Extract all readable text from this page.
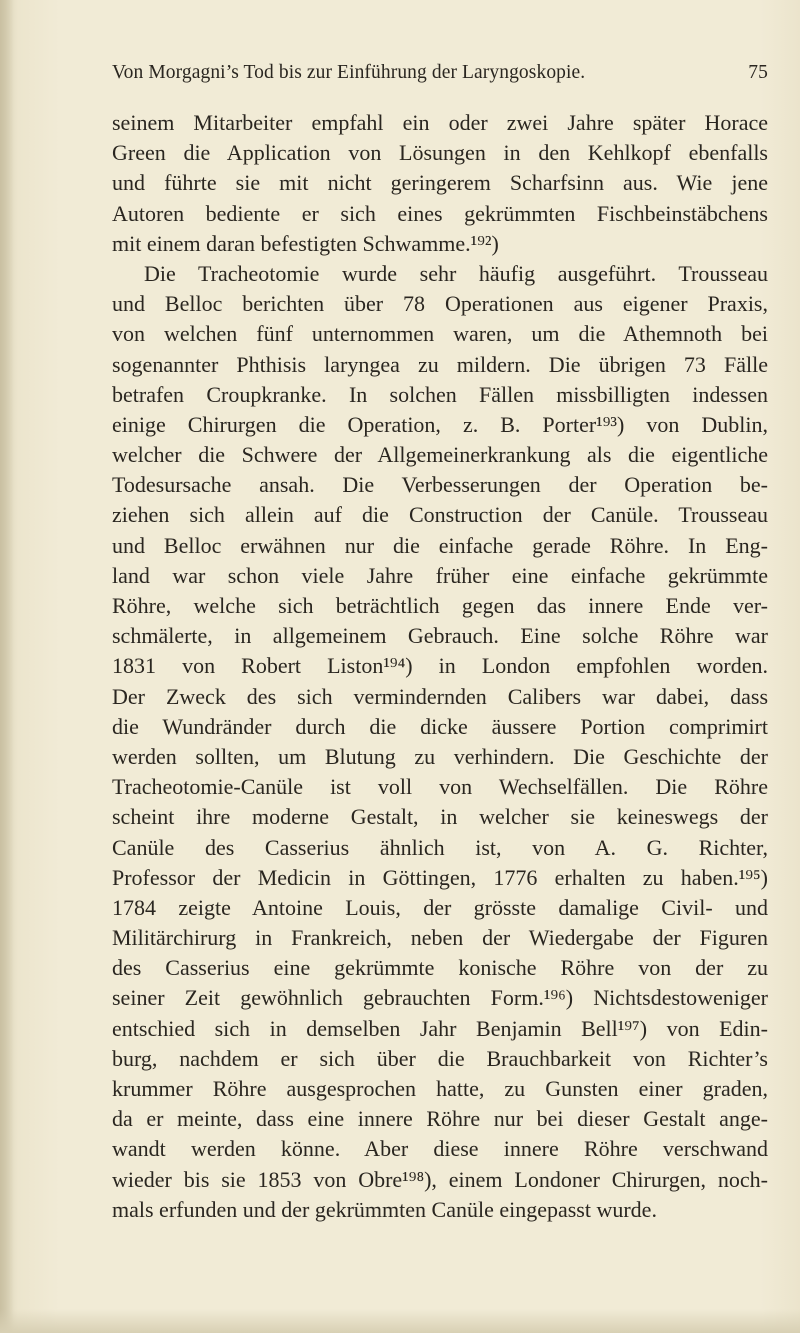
Von Morgagni’s Tod bis zur Einführung der Laryngoskopie.	75
seinem Mitarbeiter empfahl ein oder zwei Jahre später Horace
Green die Application von Lösungen in den Kehlkopf ebenfalls
und führte sie mit nicht geringerem Scharfsinn aus. Wie jene
Autoren bediente er sich eines gekrümmten Fischbeinstäbchens
mit einem daran befestigten Schwamme.¹⁹²)
Die Tracheotomie wurde sehr häufig ausgeführt. Trousseau
und Belloc berichten über 78 Operationen aus eigener Praxis,
von welchen fünf unternommen waren, um die Athemnoth bei
sogenannter Phthisis laryngea zu mildern. Die übrigen 73 Fälle
betrafen Croupkranke. In solchen Fällen missbilligten indessen
einige Chirurgen die Operation, z. B. Porter¹⁹³) von Dublin,
welcher die Schwere der Allgemeinerkrankung als die eigentliche
Todesursache ansah. Die Verbesserungen der Operation be-
ziehen sich allein auf die Construction der Canüle. Trousseau
und Belloc erwähnen nur die einfache gerade Röhre. In Eng-
land war schon viele Jahre früher eine einfache gekrümmte
Röhre, welche sich beträchtlich gegen das innere Ende ver-
schmälerte, in allgemeinem Gebrauch. Eine solche Röhre war
1831 von Robert Liston¹⁹⁴) in London empfohlen worden.
Der Zweck des sich vermindernden Calibers war dabei, dass
die Wundränder durch die dicke äussere Portion comprimirt
werden sollten, um Blutung zu verhindern. Die Geschichte der
Tracheotomie-Canüle ist voll von Wechselfällen. Die Röhre
scheint ihre moderne Gestalt, in welcher sie keineswegs der
Canüle des Casserius ähnlich ist, von A. G. Richter,
Professor der Medicin in Göttingen, 1776 erhalten zu haben.¹⁹⁵)
1784 zeigte Antoine Louis, der grösste damalige Civil- und
Militärchirurg in Frankreich, neben der Wiedergabe der Figuren
des Casserius eine gekrümmte konische Röhre von der zu
seiner Zeit gewöhnlich gebrauchten Form.¹⁹⁶) Nichtsdestoweniger
entschied sich in demselben Jahr Benjamin Bell¹⁹⁷) von Edin-
burg, nachdem er sich über die Brauchbarkeit von Richter’s
krummer Röhre ausgesprochen hatte, zu Gunsten einer graden,
da er meinte, dass eine innere Röhre nur bei dieser Gestalt ange-
wandt werden könne. Aber diese innere Röhre verschwand
wieder bis sie 1853 von Obre¹⁹⁸), einem Londoner Chirurgen, noch-
mals erfunden und der gekrümmten Canüle eingepasst wurde.
